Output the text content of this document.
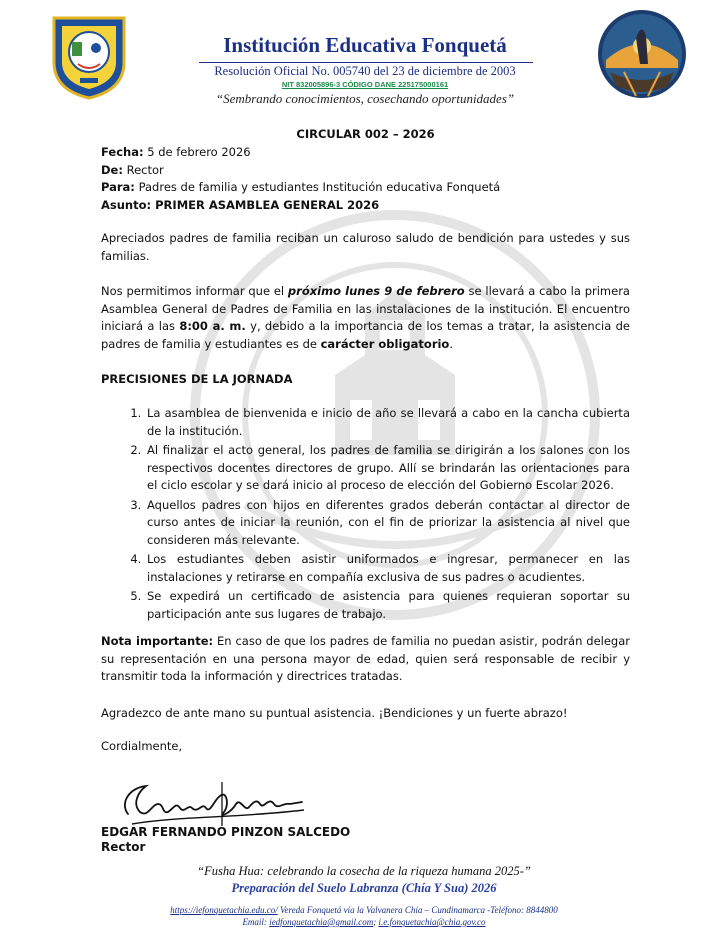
Institución Educativa Fonquetá
Resolución Oficial No. 005740 del 23 de diciembre de 2003
NIT 832005896-3 CÓDIGO DANE 225175000161
“Sembrando conocimientos, cosechando oportunidades”
CIRCULAR 002 – 2026
Fecha: 5 de febrero 2026
De: Rector
Para: Padres de familia y estudiantes Institución educativa Fonquetá
Asunto: PRIMER ASAMBLEA GENERAL 2026
Apreciados padres de familia reciban un caluroso saludo de bendición para ustedes y sus familias.
Nos permitimos informar que el próximo lunes 9 de febrero se llevará a cabo la primera Asamblea General de Padres de Familia en las instalaciones de la institución. El encuentro iniciará a las 8:00 a. m. y, debido a la importancia de los temas a tratar, la asistencia de padres de familia y estudiantes es de carácter obligatorio.
PRECISIONES DE LA JORNADA
1. La asamblea de bienvenida e inicio de año se llevará a cabo en la cancha cubierta de la institución.
2. Al finalizar el acto general, los padres de familia se dirigirán a los salones con los respectivos docentes directores de grupo. Allí se brindarán las orientaciones para el ciclo escolar y se dará inicio al proceso de elección del Gobierno Escolar 2026.
3. Aquellos padres con hijos en diferentes grados deberán contactar al director de curso antes de iniciar la reunión, con el fin de priorizar la asistencia al nivel que consideren más relevante.
4. Los estudiantes deben asistir uniformados e ingresar, permanecer en las instalaciones y retirarse en compañía exclusiva de sus padres o acudientes.
5. Se expedirá un certificado de asistencia para quienes requieran soportar su participación ante sus lugares de trabajo.
Nota importante: En caso de que los padres de familia no puedan asistir, podrán delegar su representación en una persona mayor de edad, quien será responsable de recibir y transmitir toda la información y directrices tratadas.
Agradezco de ante mano su puntual asistencia. ¡Bendiciones y un fuerte abrazo!
Cordialmente,
EDGAR FERNANDO PINZON SALCEDO
Rector
“Fusha Hua: celebrando la cosecha de la riqueza humana 2025-”
Preparación del Suelo Labranza (Chía Y Sua) 2026
https://iefonquetachia.edu.co/ Vereda Fonquetá vía la Valvanera Chía – Cundinamarca -Teléfono: 8844800
Email: iedfonquetachia@gmail.com; i.e.fonquetachia@chia.gov.co
